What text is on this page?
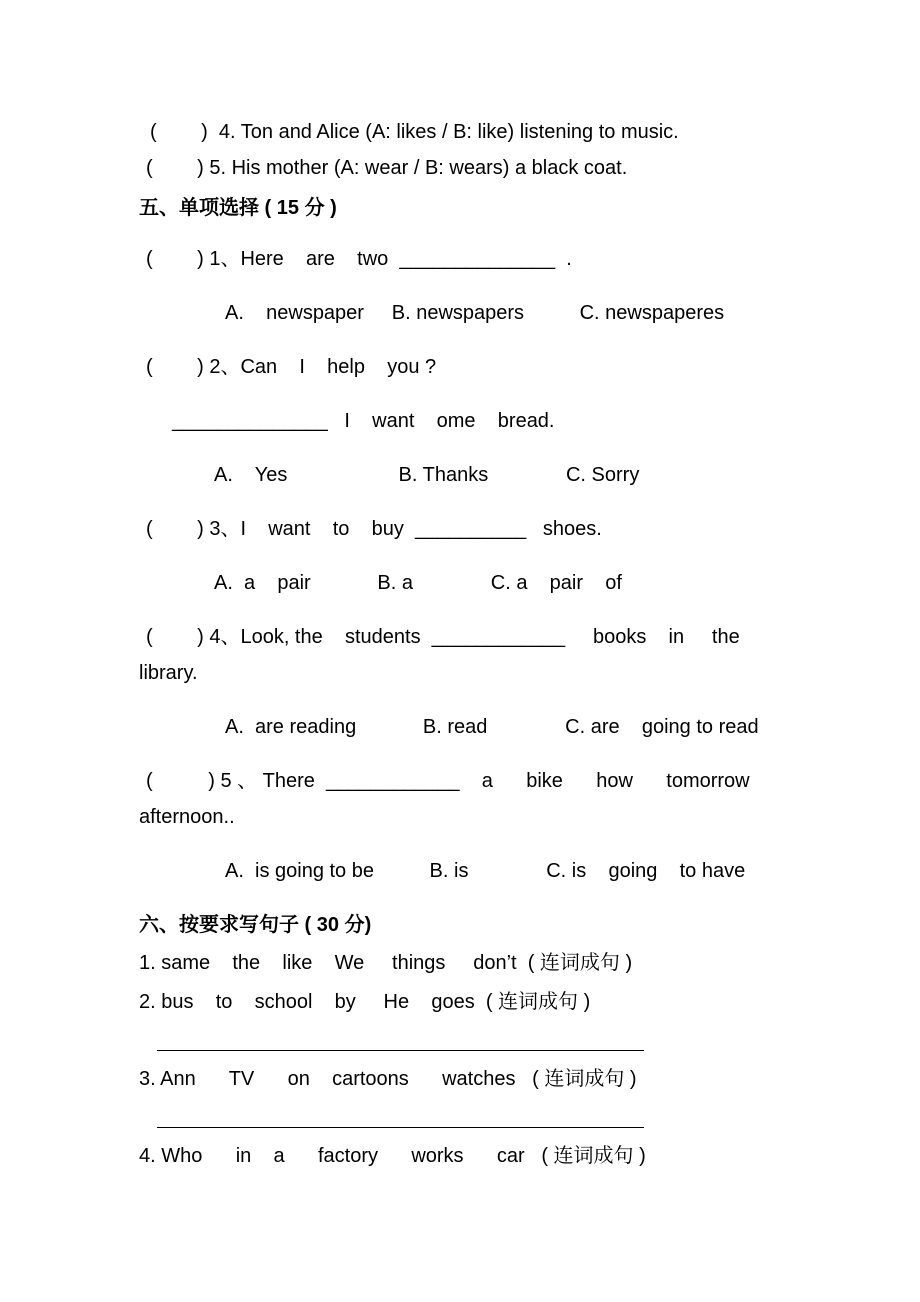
(        )  4. Ton and Alice (A: likes / B: like) listening to music.
(        ) 5. His mother (A: wear / B: wears) a black coat.
五、单项选择 ( 15 分 )
(        ) 1、Here    are    two  ______________  .
A.    newspaper     B. newspapers          C. newspaperes
(        ) 2、Can    I    help    you ?
______________   I    want    ome    bread.
A.    Yes                    B. Thanks              C. Sorry
(        ) 3、I    want    to    buy  __________   shoes.
A.  a    pair            B. a              C. a    pair    of
(        ) 4、Look, the    students  ____________     books    in     the
library.
A.  are reading            B. read              C. are    going to read
(          ) 5 、 There  ____________    a      bike      how      tomorrow
afternoon..
A.  is going to be          B. is              C. is    going    to have
六、按要求写句子 ( 30 分)
1. same    the    like    We     things     don’t  ( 连词成句 )
2. bus    to    school    by     He    goes  ( 连词成句 )
3. Ann      TV      on    cartoons      watches   ( 连词成句 )
4. Who      in    a      factory      works      car   ( 连词成句 )
